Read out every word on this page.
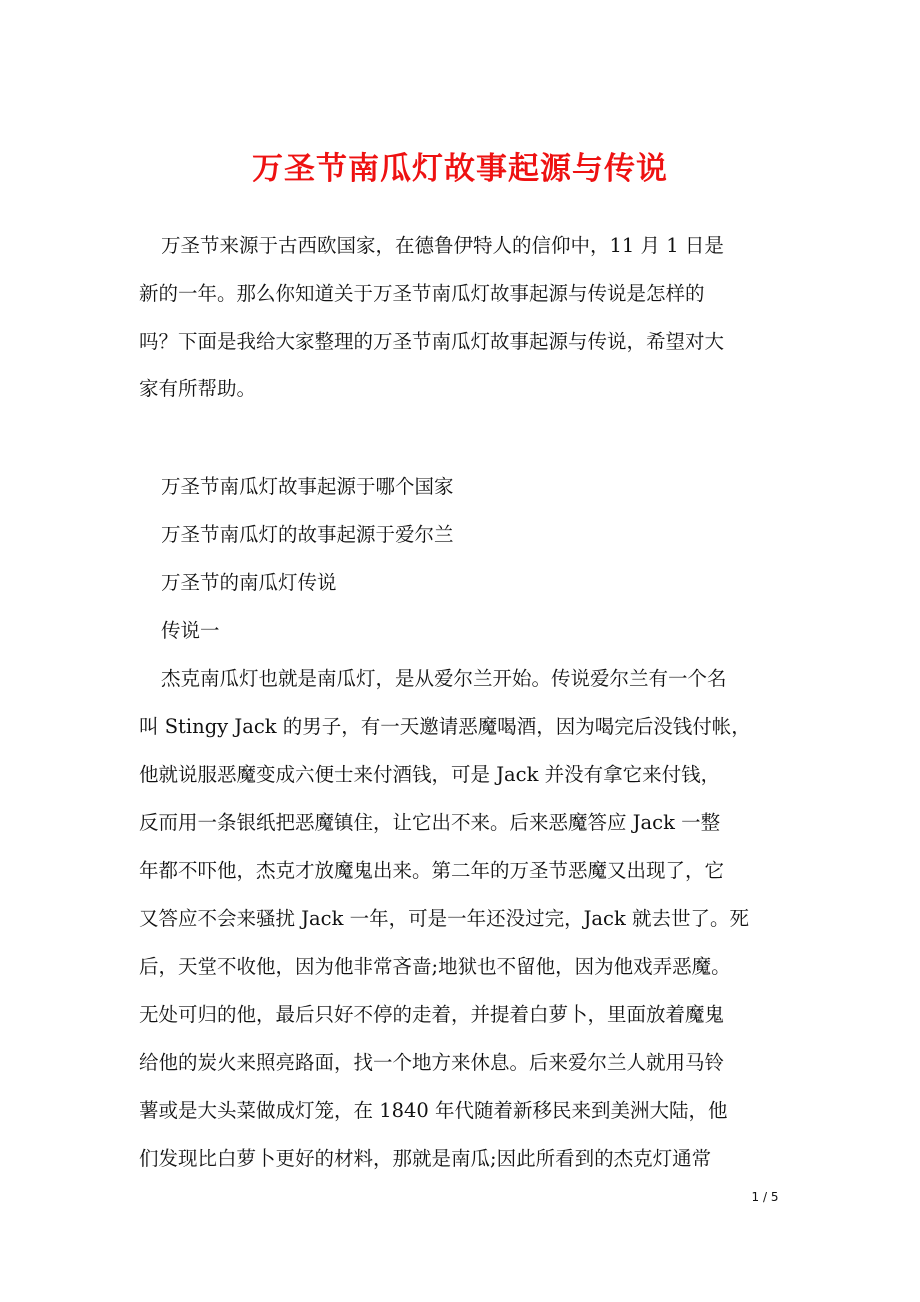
万圣节南瓜灯故事起源与传说
万圣节来源于古西欧国家，在德鲁伊特人的信仰中，11 月 1 日是
新的一年。那么你知道关于万圣节南瓜灯故事起源与传说是怎样的
吗？下面是我给大家整理的万圣节南瓜灯故事起源与传说，希望对大
家有所帮助。
万圣节南瓜灯故事起源于哪个国家
万圣节南瓜灯的故事起源于爱尔兰
万圣节的南瓜灯传说
传说一
杰克南瓜灯也就是南瓜灯，是从爱尔兰开始。传说爱尔兰有一个名
叫 Stingy Jack 的男子，有一天邀请恶魔喝酒，因为喝完后没钱付帐，
他就说服恶魔变成六便士来付酒钱，可是 Jack 并没有拿它来付钱，
反而用一条银纸把恶魔镇住，让它出不来。后来恶魔答应 Jack 一整
年都不吓他，杰克才放魔鬼出来。第二年的万圣节恶魔又出现了，它
又答应不会来骚扰 Jack 一年，可是一年还没过完，Jack 就去世了。死
后，天堂不收他，因为他非常吝啬;地狱也不留他，因为他戏弄恶魔。
无处可归的他，最后只好不停的走着，并提着白萝卜，里面放着魔鬼
给他的炭火来照亮路面，找一个地方来休息。后来爱尔兰人就用马铃
薯或是大头菜做成灯笼，在 1840 年代随着新移民来到美洲大陆，他
们发现比白萝卜更好的材料，那就是南瓜;因此所看到的杰克灯通常
1 / 5
